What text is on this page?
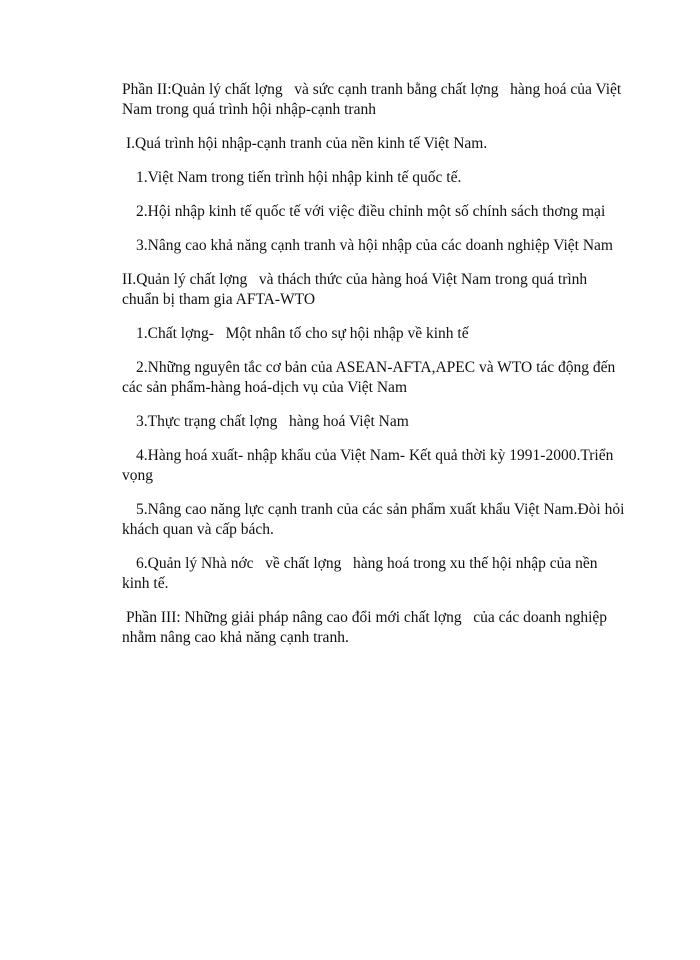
Phần II:Quản lý chất lợng   và sức cạnh tranh bằng chất lợng   hàng hoá của Việt Nam trong quá trình hội nhập-cạnh tranh

I.Quá trình hội nhập-cạnh tranh của nền kinh tế Việt Nam.

1.Việt Nam trong tiến trình hội nhập kinh tế quốc tế.

2.Hội nhập kinh tế quốc tế với việc điều chỉnh một số chính sách thơng mại

3.Nâng cao khả năng cạnh tranh và hội nhập của các doanh nghiệp Việt Nam

II.Quản lý chất lợng   và thách thức của hàng hoá Việt Nam trong quá trình chuẩn bị tham gia AFTA-WTO

1.Chất lợng-   Một nhân tố cho sự hội nhập về kinh tế

2.Những nguyên tắc cơ bản của ASEAN-AFTA,APEC và WTO tác động đến các sản phẩm-hàng hoá-dịch vụ của Việt Nam

3.Thực trạng chất lợng   hàng hoá Việt Nam

4.Hàng hoá xuất- nhập khẩu của Việt Nam- Kết quả thời kỳ 1991-2000.Triển vọng

5.Nâng cao năng lực cạnh tranh của các sản phẩm xuất khẩu Việt Nam.Đòi hỏi khách quan và cấp bách.

6.Quản lý Nhà nớc   về chất lợng   hàng hoá trong xu thế hội nhập của nền kinh tế.

Phần III: Những giải pháp nâng cao đổi mới chất lợng   của các doanh nghiệp nhằm nâng cao khả năng cạnh tranh.
